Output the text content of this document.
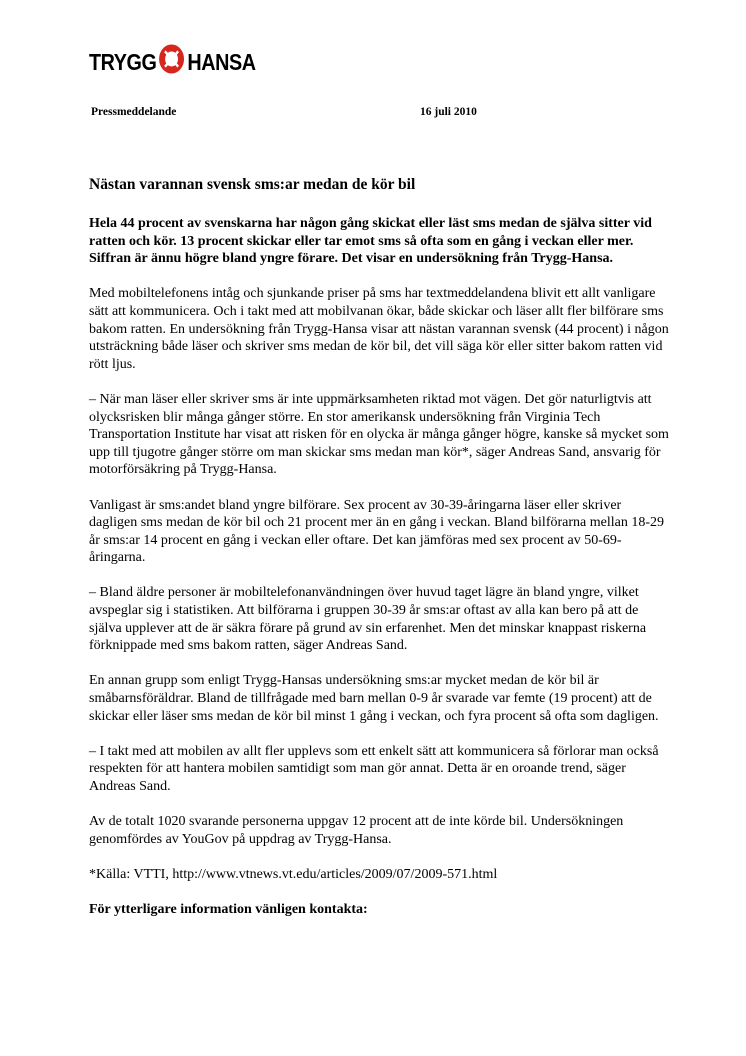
TRYGG HANSA
Pressmeddelande	16 juli 2010
Nästan varannan svensk sms:ar medan de kör bil

Hela 44 procent av svenskarna har någon gång skickat eller läst sms medan de själva sitter vid ratten och kör. 13 procent skickar eller tar emot sms så ofta som en gång i veckan eller mer. Siffran är ännu högre bland yngre förare. Det visar en undersökning från Trygg-Hansa.

Med mobiltelefonens intåg och sjunkande priser på sms har textmeddelandena blivit ett allt vanligare sätt att kommunicera. Och i takt med att mobilvanan ökar, både skickar och läser allt fler bilförare sms bakom ratten. En undersökning från Trygg-Hansa visar att nästan varannan svensk (44 procent) i någon utsträckning både läser och skriver sms medan de kör bil, det vill säga kör eller sitter bakom ratten vid rött ljus.

– När man läser eller skriver sms är inte uppmärksamheten riktad mot vägen. Det gör naturligtvis att olycksrisken blir många gånger större. En stor amerikansk undersökning från Virginia Tech Transportation Institute har visat att risken för en olycka är många gånger högre, kanske så mycket som upp till tjugotre gånger större om man skickar sms medan man kör*, säger Andreas Sand, ansvarig för motorförsäkring på Trygg-Hansa.

Vanligast är sms:andet bland yngre bilförare. Sex procent av 30-39-åringarna läser eller skriver dagligen sms medan de kör bil och 21 procent mer än en gång i veckan. Bland bilförarna mellan 18-29 år sms:ar 14 procent en gång i veckan eller oftare. Det kan jämföras med sex procent av 50-69-åringarna.

– Bland äldre personer är mobiltelefonanvändningen över huvud taget lägre än bland yngre, vilket avspeglar sig i statistiken. Att bilförarna i gruppen 30-39 år sms:ar oftast av alla kan bero på att de själva upplever att de är säkra förare på grund av sin erfarenhet. Men det minskar knappast riskerna förknippade med sms bakom ratten, säger Andreas Sand.

En annan grupp som enligt Trygg-Hansas undersökning sms:ar mycket medan de kör bil är småbarnsföräldrar. Bland de tillfrågade med barn mellan 0-9 år svarade var femte (19 procent) att de skickar eller läser sms medan de kör bil minst 1 gång i veckan, och fyra procent så ofta som dagligen.

– I takt med att mobilen av allt fler upplevs som ett enkelt sätt att kommunicera så förlorar man också respekten för att hantera mobilen samtidigt som man gör annat. Detta är en oroande trend, säger Andreas Sand.

Av de totalt 1020 svarande personerna uppgav 12 procent att de inte körde bil. Undersökningen genomfördes av YouGov på uppdrag av Trygg-Hansa.

*Källa: VTTI, http://www.vtnews.vt.edu/articles/2009/07/2009-571.html

För ytterligare information vänligen kontakta:
